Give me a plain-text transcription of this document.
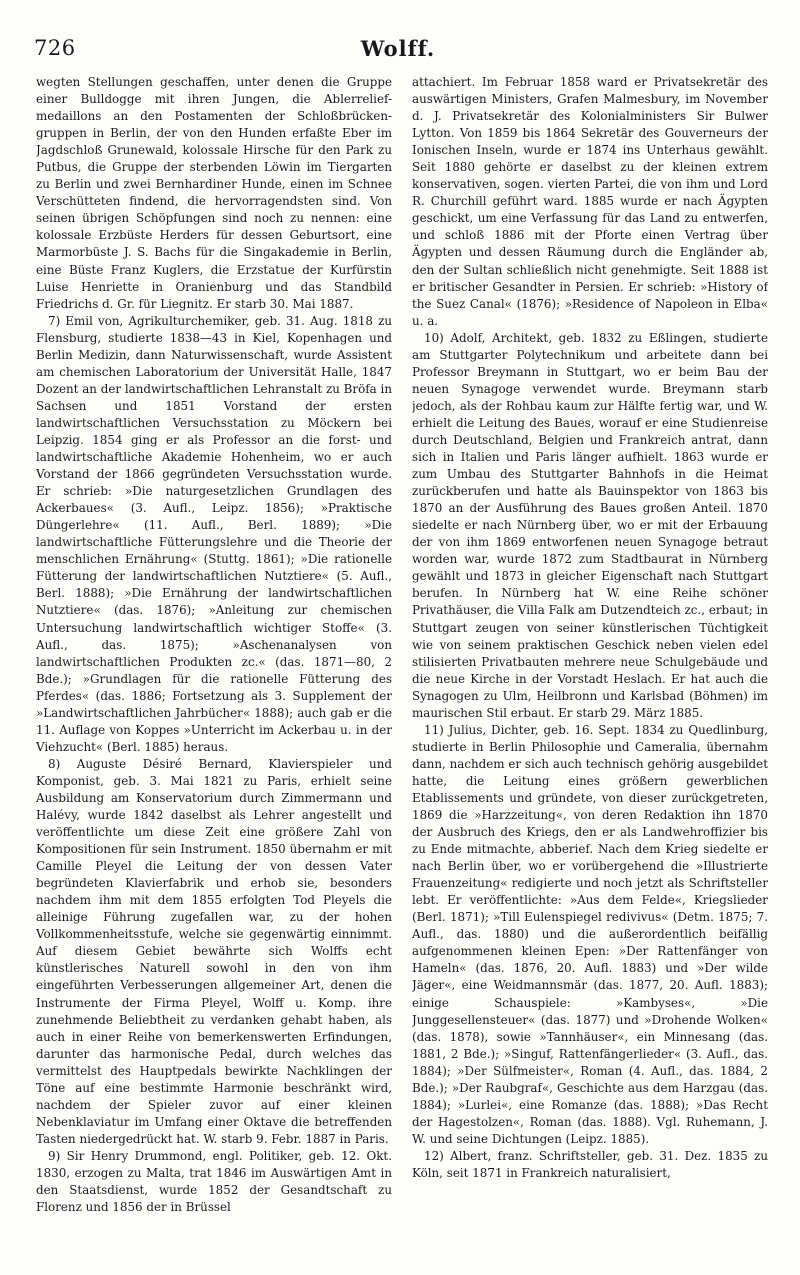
726	Wolff.

wegten Stellungen geschaffen, unter denen die Gruppe einer Bulldogge mit ihren Jungen, die Ablerrelief-medaillons an den Postamenten der Schloßbrücken-gruppen in Berlin, der von den Hunden erfaßte Eber im Jagdschloß Grunewald, kolossale Hirsche für den Park zu Putbus, die Gruppe der sterbenden Löwin im Tiergarten zu Berlin und zwei Bernhardiner Hunde, einen im Schnee Verschütteten findend, die hervorragendsten sind. Von seinen übrigen Schöpfungen sind noch zu nennen: eine kolossale Erzbüste Herders für dessen Geburtsort, eine Marmorbüste J. S. Bachs für die Singakademie in Berlin, eine Büste Franz Kuglers, die Erzstatue der Kurfürstin Luise Henriette in Oranienburg und das Standbild Friedrichs d. Gr. für Liegnitz. Er starb 30. Mai 1887.

7) Emil von, Agrikulturchemiker, geb. 31. Aug. 1818 zu Flensburg, studierte 1838—43 in Kiel, Kopenhagen und Berlin Medizin, dann Naturwissenschaft, wurde Assistent am chemischen Laboratorium der Universität Halle, 1847 Dozent an der landwirtschaftlichen Lehranstalt zu Bröfa in Sachsen und 1851 Vorstand der ersten landwirtschaftlichen Versuchsstation zu Möckern bei Leipzig. 1854 ging er als Professor an die forst- und landwirtschaftliche Akademie Hohenheim, wo er auch Vorstand der 1866 gegründeten Versuchsstation wurde. Er schrieb: »Die naturgesetzlichen Grundlagen des Ackerbaues« (3. Aufl., Leipz. 1856); »Praktische Düngerlehre« (11. Aufl., Berl. 1889); »Die landwirtschaftliche Fütterungslehre und die Theorie der menschlichen Ernährung« (Stuttg. 1861); »Die rationelle Fütterung der landwirtschaftlichen Nutztiere« (5. Aufl., Berl. 1888); »Die Ernährung der landwirtschaftlichen Nutztiere« (das. 1876); »Anleitung zur chemischen Untersuchung landwirtschaftlich wichtiger Stoffe« (3. Aufl., das. 1875); »Aschenanalysen von landwirtschaftlichen Produkten zc.« (das. 1871—80, 2 Bde.); »Grundlagen für die rationelle Fütterung des Pferdes« (das. 1886; Fortsetzung als 3. Supplement der »Landwirtschaftlichen Jahrbücher« 1888); auch gab er die 11. Auflage von Koppes »Unterricht im Ackerbau u. in der Viehzucht« (Berl. 1885) heraus.

8) Auguste Désiré Bernard, Klavierspieler und Komponist, geb. 3. Mai 1821 zu Paris, erhielt seine Ausbildung am Konservatorium durch Zimmermann und Halévy, wurde 1842 daselbst als Lehrer angestellt und veröffentlichte um diese Zeit eine größere Zahl von Kompositionen für sein Instrument. 1850 übernahm er mit Camille Pleyel die Leitung der von dessen Vater begründeten Klavierfabrik und erhob sie, besonders nachdem ihm mit dem 1855 erfolgten Tod Pleyels die alleinige Führung zugefallen war, zu der hohen Vollkommenheitsstufe, welche sie gegenwärtig einnimmt. Auf diesem Gebiet bewährte sich Wolffs echt künstlerisches Naturell sowohl in den von ihm eingeführten Verbesserungen allgemeiner Art, denen die Instrumente der Firma Pleyel, Wolff u. Komp. ihre zunehmende Beliebtheit zu verdanken gehabt haben, als auch in einer Reihe von bemerkenswerten Erfindungen, darunter das harmonische Pedal, durch welches das vermittelst des Hauptpedals bewirkte Nachklingen der Töne auf eine bestimmte Harmonie beschränkt wird, nachdem der Spieler zuvor auf einer kleinen Nebenklaviatur im Umfang einer Oktave die betreffenden Tasten niedergedrückt hat. W. starb 9. Febr. 1887 in Paris.

9) Sir Henry Drummond, engl. Politiker, geb. 12. Okt. 1830, erzogen zu Malta, trat 1846 im Auswärtigen Amt in den Staatsdienst, wurde 1852 der Gesandtschaft zu Florenz und 1856 der in Brüssel

attachiert. Im Februar 1858 ward er Privatsekretär des auswärtigen Ministers, Grafen Malmesbury, im November d. J. Privatsekretär des Kolonialministers Sir Bulwer Lytton. Von 1859 bis 1864 Sekretär des Gouverneurs der Ionischen Inseln, wurde er 1874 ins Unterhaus gewählt. Seit 1880 gehörte er daselbst zu der kleinen extrem konservativen, sogen. vierten Partei, die von ihm und Lord R. Churchill geführt ward. 1885 wurde er nach Ägypten geschickt, um eine Verfassung für das Land zu entwerfen, und schloß 1886 mit der Pforte einen Vertrag über Ägypten und dessen Räumung durch die Engländer ab, den der Sultan schließlich nicht genehmigte. Seit 1888 ist er britischer Gesandter in Persien. Er schrieb: »History of the Suez Canal« (1876); »Residence of Napoleon in Elba« u. a.

10) Adolf, Architekt, geb. 1832 zu Eßlingen, studierte am Stuttgarter Polytechnikum und arbeitete dann bei Professor Breymann in Stuttgart, wo er beim Bau der neuen Synagoge verwendet wurde. Breymann starb jedoch, als der Rohbau kaum zur Hälfte fertig war, und W. erhielt die Leitung des Baues, worauf er eine Studienreise durch Deutschland, Belgien und Frankreich antrat, dann sich in Italien und Paris länger aufhielt. 1863 wurde er zum Umbau des Stuttgarter Bahnhofs in die Heimat zurückberufen und hatte als Bauinspektor von 1863 bis 1870 an der Ausführung des Baues großen Anteil. 1870 siedelte er nach Nürnberg über, wo er mit der Erbauung der von ihm 1869 entworfenen neuen Synagoge betraut worden war, wurde 1872 zum Stadtbaurat in Nürnberg gewählt und 1873 in gleicher Eigenschaft nach Stuttgart berufen. In Nürnberg hat W. eine Reihe schöner Privathäuser, die Villa Falk am Dutzendteich zc., erbaut; in Stuttgart zeugen von seiner künstlerischen Tüchtigkeit wie von seinem praktischen Geschick neben vielen edel stilisierten Privatbauten mehrere neue Schulgebäude und die neue Kirche in der Vorstadt Heslach. Er hat auch die Synagogen zu Ulm, Heilbronn und Karlsbad (Böhmen) im maurischen Stil erbaut. Er starb 29. März 1885.

11) Julius, Dichter, geb. 16. Sept. 1834 zu Quedlinburg, studierte in Berlin Philosophie und Cameralia, übernahm dann, nachdem er sich auch technisch gehörig ausgebildet hatte, die Leitung eines größern gewerblichen Etablissements und gründete, von dieser zurückgetreten, 1869 die »Harzzeitung«, von deren Redaktion ihn 1870 der Ausbruch des Kriegs, den er als Landwehroffizier bis zu Ende mitmachte, abberief. Nach dem Krieg siedelte er nach Berlin über, wo er vorübergehend die »Illustrierte Frauenzeitung« redigierte und noch jetzt als Schriftsteller lebt. Er veröffentlichte: »Aus dem Felde«, Kriegslieder (Berl. 1871); »Till Eulenspiegel redivivus« (Detm. 1875; 7. Aufl., das. 1880) und die außerordentlich beifällig aufgenommenen kleinen Epen: »Der Rattenfänger von Hameln« (das. 1876, 20. Aufl. 1883) und »Der wilde Jäger«, eine Weidmannsmär (das. 1877, 20. Aufl. 1883); einige Schauspiele: »Kambyses«, »Die Junggesellensteuer« (das. 1877) und »Drohende Wolken« (das. 1878), sowie »Tannhäuser«, ein Minnesang (das. 1881, 2 Bde.); »Singuf, Rattenfängerlieder« (3. Aufl., das. 1884); »Der Sülfmeister«, Roman (4. Aufl., das. 1884, 2 Bde.); »Der Raubgraf«, Geschichte aus dem Harzgau (das. 1884); »Lurlei«, eine Romanze (das. 1888); »Das Recht der Hagestolzen«, Roman (das. 1888). Vgl. Ruhemann, J. W. und seine Dichtungen (Leipz. 1885).

12) Albert, franz. Schriftsteller, geb. 31. Dez. 1835 zu Köln, seit 1871 in Frankreich naturalisiert,
